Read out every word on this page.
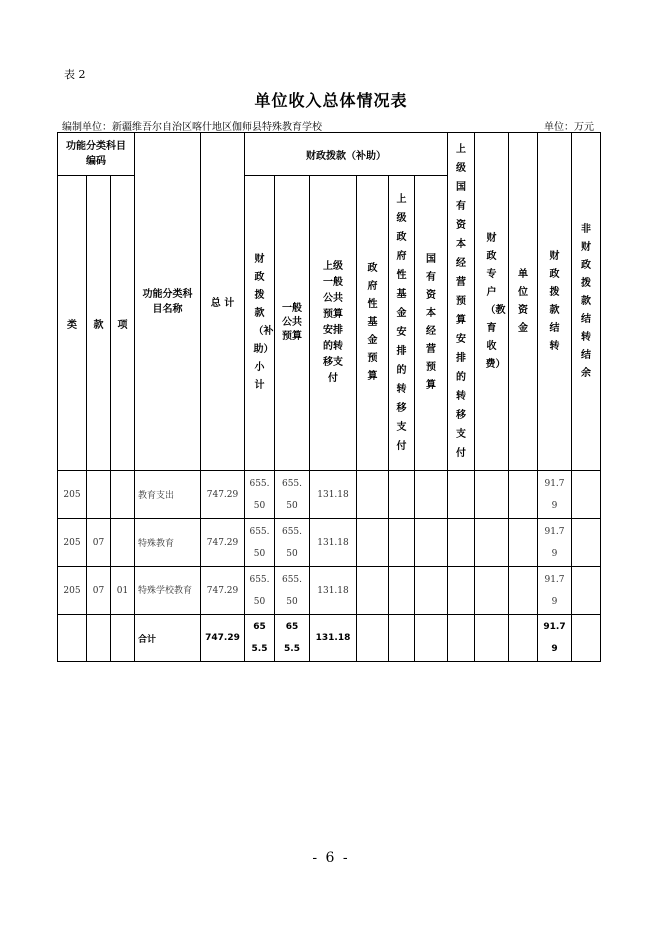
表 2
单位收入总体情况表
编制单位：新疆维吾尔自治区喀什地区伽师县特殊教育学校	单位：万元
功能分类科目编码			功能分类科目名称	总 计	财政拨款（补助）						上级国有资本经营预算安排的转移支付	财政专户（教育收费）	单位资金	财政拨款结转	非财政拨款结转结余
类	款	项			财政拨款（补助）小计	一般公共预算	上级一般公共预算安排的转移支付	政府性基金预算	上级政府性基金安排的转移支付	国有资本经营预算					
205			教育支出	747.29	655.50	655.50	131.18							91.79	
205	07		特殊教育	747.29	655.50	655.50	131.18							91.79	
205	07	01	特殊学校教育	747.29	655.50	655.50	131.18							91.79	
			合计	747.29	655.5	655.5	131.18							91.79	
- 6 -
